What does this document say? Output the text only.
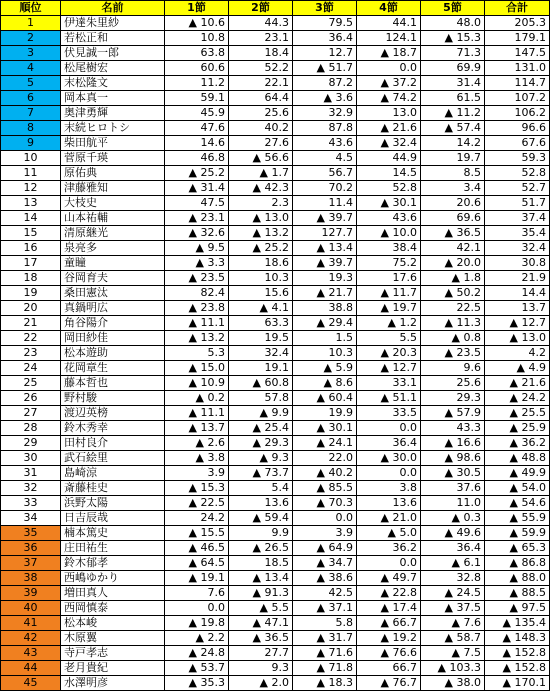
順位	名前	1節	2節	3節	4節	5節	合計
1	伊達朱里紗	▲ 10.6	44.3	79.5	44.1	48.0	205.3
2	若松正和	10.8	23.1	36.4	124.1	▲ 15.3	179.1
3	伏見誠一郎	63.8	18.4	12.7	▲ 18.7	71.3	147.5
4	松尾樹宏	60.6	52.2	▲ 51.7	0.0	69.9	131.0
5	末松隆文	11.2	22.1	87.2	▲ 37.2	31.4	114.7
6	岡本真一	59.1	64.4	▲ 3.6	▲ 74.2	61.5	107.2
7	奥津勇輝	45.9	25.6	32.9	13.0	▲ 11.2	106.2
8	末続ヒロトシ	47.6	40.2	87.8	▲ 21.6	▲ 57.4	96.6
9	柴田航平	14.6	27.6	43.6	▲ 32.4	14.2	67.6
10	菅原千瑛	46.8	▲ 56.6	4.5	44.9	19.7	59.3
11	原佑典	▲ 25.2	▲ 1.7	56.7	14.5	8.5	52.8
12	津藤雅知	▲ 31.4	▲ 42.3	70.2	52.8	3.4	52.7
13	大枝史	47.5	2.3	11.4	▲ 30.1	20.6	51.7
14	山本祐輔	▲ 23.1	▲ 13.0	▲ 39.7	43.6	69.6	37.4
15	清原継光	▲ 32.6	▲ 13.2	127.7	▲ 10.0	▲ 36.5	35.4
16	泉亮多	▲ 9.5	▲ 25.2	▲ 13.4	38.4	42.1	32.4
17	童瞳	▲ 3.3	18.6	▲ 39.7	75.2	▲ 20.0	30.8
18	谷岡育夫	▲ 23.5	10.3	19.3	17.6	▲ 1.8	21.9
19	桑田憲汰	82.4	15.6	▲ 21.7	▲ 11.7	▲ 50.2	14.4
20	真鍋明広	▲ 23.8	▲ 4.1	38.8	▲ 19.7	22.5	13.7
21	角谷陽介	▲ 11.1	63.3	▲ 29.4	▲ 1.2	▲ 11.3	▲ 12.7
22	岡田紗佳	▲ 13.2	19.5	1.5	5.5	▲ 0.8	▲ 13.0
23	松本遊助	5.3	32.4	10.3	▲ 20.3	▲ 23.5	4.2
24	花岡章生	▲ 15.0	19.1	▲ 5.9	▲ 12.7	9.6	▲ 4.9
25	藤本哲也	▲ 10.9	▲ 60.8	▲ 8.6	33.1	25.6	▲ 21.6
26	野村駿	▲ 0.2	57.8	▲ 60.4	▲ 51.1	29.3	▲ 24.2
27	渡辺英榜	▲ 11.1	▲ 9.9	19.9	33.5	▲ 57.9	▲ 25.5
28	鈴木秀幸	▲ 13.7	▲ 25.4	▲ 30.1	0.0	43.3	▲ 25.9
29	田村良介	▲ 2.6	▲ 29.3	▲ 24.1	36.4	▲ 16.6	▲ 36.2
30	武石絵里	▲ 3.8	▲ 9.3	22.0	▲ 30.0	▲ 98.6	▲ 48.8
31	島崎涼	3.9	▲ 73.7	▲ 40.2	0.0	▲ 30.5	▲ 49.9
32	斎藤桂史	▲ 15.3	5.4	▲ 85.5	3.8	37.6	▲ 54.0
33	浜野太陽	▲ 22.5	13.6	▲ 70.3	13.6	11.0	▲ 54.6
34	日吉辰哉	24.2	▲ 59.4	0.0	▲ 21.0	▲ 0.3	▲ 55.9
35	楠本篤史	▲ 15.5	9.9	3.9	▲ 5.0	▲ 49.6	▲ 59.9
36	庄田祐生	▲ 46.5	▲ 26.5	▲ 64.9	36.2	36.4	▲ 65.3
37	鈴木郁孝	▲ 64.5	18.5	▲ 34.7	0.0	▲ 6.1	▲ 86.8
38	西嶋ゆかり	▲ 19.1	▲ 13.4	▲ 38.6	▲ 49.7	32.8	▲ 88.0
39	増田真人	7.6	▲ 91.3	42.5	▲ 22.8	▲ 24.5	▲ 88.5
40	西岡慎泰	0.0	▲ 5.5	▲ 37.1	▲ 17.4	▲ 37.5	▲ 97.5
41	松本峻	▲ 19.8	▲ 47.1	5.8	▲ 66.7	▲ 7.6	▲ 135.4
42	木原翼	▲ 2.2	▲ 36.5	▲ 31.7	▲ 19.2	▲ 58.7	▲ 148.3
43	寺戸孝志	▲ 24.8	27.7	▲ 71.6	▲ 76.6	▲ 7.5	▲ 152.8
44	老月貴紀	▲ 53.7	9.3	▲ 71.8	66.7	▲ 103.3	▲ 152.8
45	水澤明彦	▲ 35.3	▲ 2.0	▲ 18.3	▲ 76.7	▲ 38.0	▲ 170.1
